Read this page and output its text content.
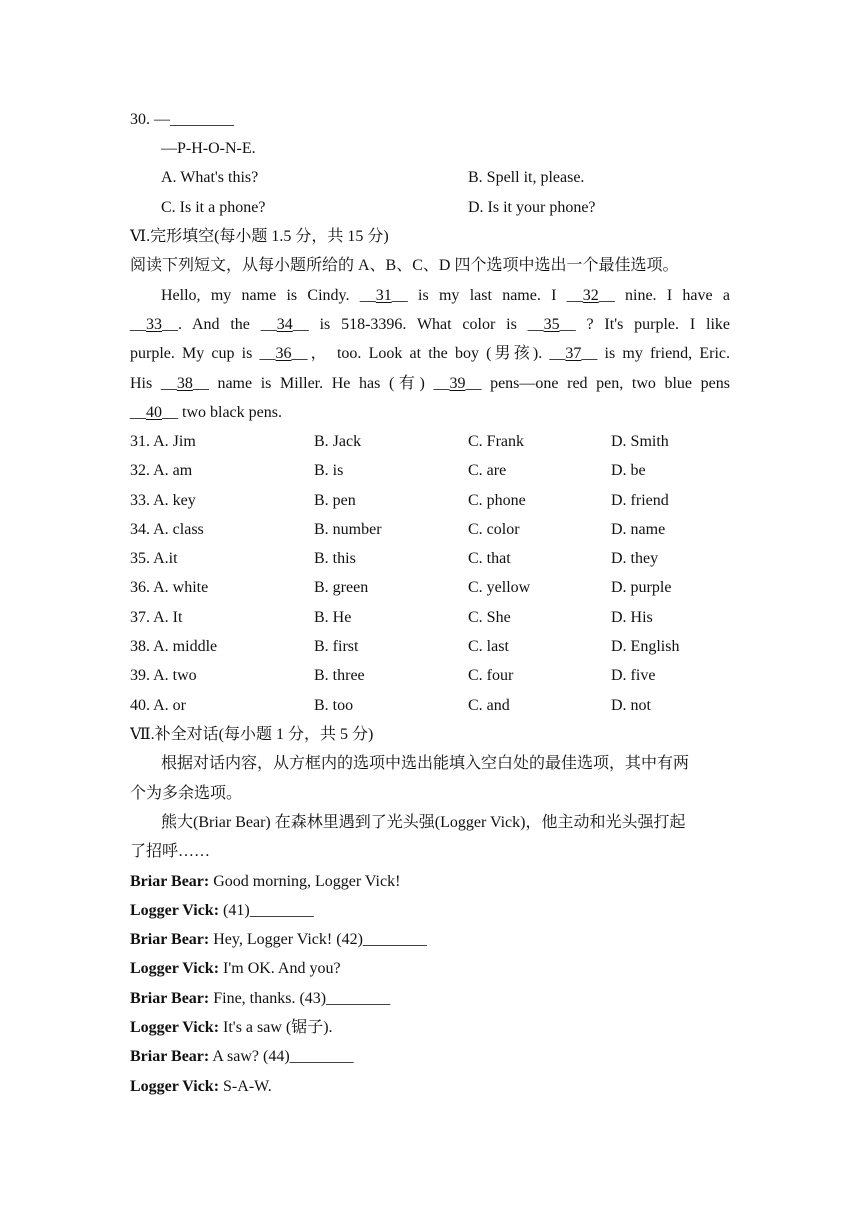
30. —________
—P-H-O-N-E.
A. What's this?	B. Spell it, please.
C. Is it a phone?	D. Is it your phone?
Ⅵ.完形填空(每小题 1.5 分，共 15 分)
阅读下列短文，从每小题所给的 A、B、C、D 四个选项中选出一个最佳选项。
Hello, my name is Cindy. __31__ is my last name. I __32__ nine. I have a
__33__. And the __34__ is 518-3396. What color is __35__ ? It's purple. I like
purple. My cup is __36__， too. Look at the boy (男孩). __37__ is my friend, Eric.
His __38__ name is Miller. He has (有) __39__ pens—one red pen, two blue pens
__40__ two black pens.
31. A. Jim	B. Jack	C. Frank	D. Smith
32. A. am	B. is	C. are	D. be
33. A. key	B. pen	C. phone	D. friend
34. A. class	B. number	C. color	D. name
35. A.it	B. this	C. that	D. they
36. A. white	B. green	C. yellow	D. purple
37. A. It	B. He	C. She	D. His
38. A. middle	B. first	C. last	D. English
39. A. two	B. three	C. four	D. five
40. A. or	B. too	C. and	D. not
Ⅶ.补全对话(每小题 1 分，共 5 分)
根据对话内容，从方框内的选项中选出能填入空白处的最佳选项，其中有两
个为多余选项。
熊大(Briar Bear) 在森林里遇到了光头强(Logger Vick)，他主动和光头强打起
了招呼……
Briar Bear: Good morning, Logger Vick!
Logger Vick: (41)________
Briar Bear: Hey, Logger Vick! (42)________
Logger Vick: I'm OK. And you?
Briar Bear: Fine, thanks. (43)________
Logger Vick: It's a saw (锯子).
Briar Bear: A saw? (44)________
Logger Vick: S-A-W.
